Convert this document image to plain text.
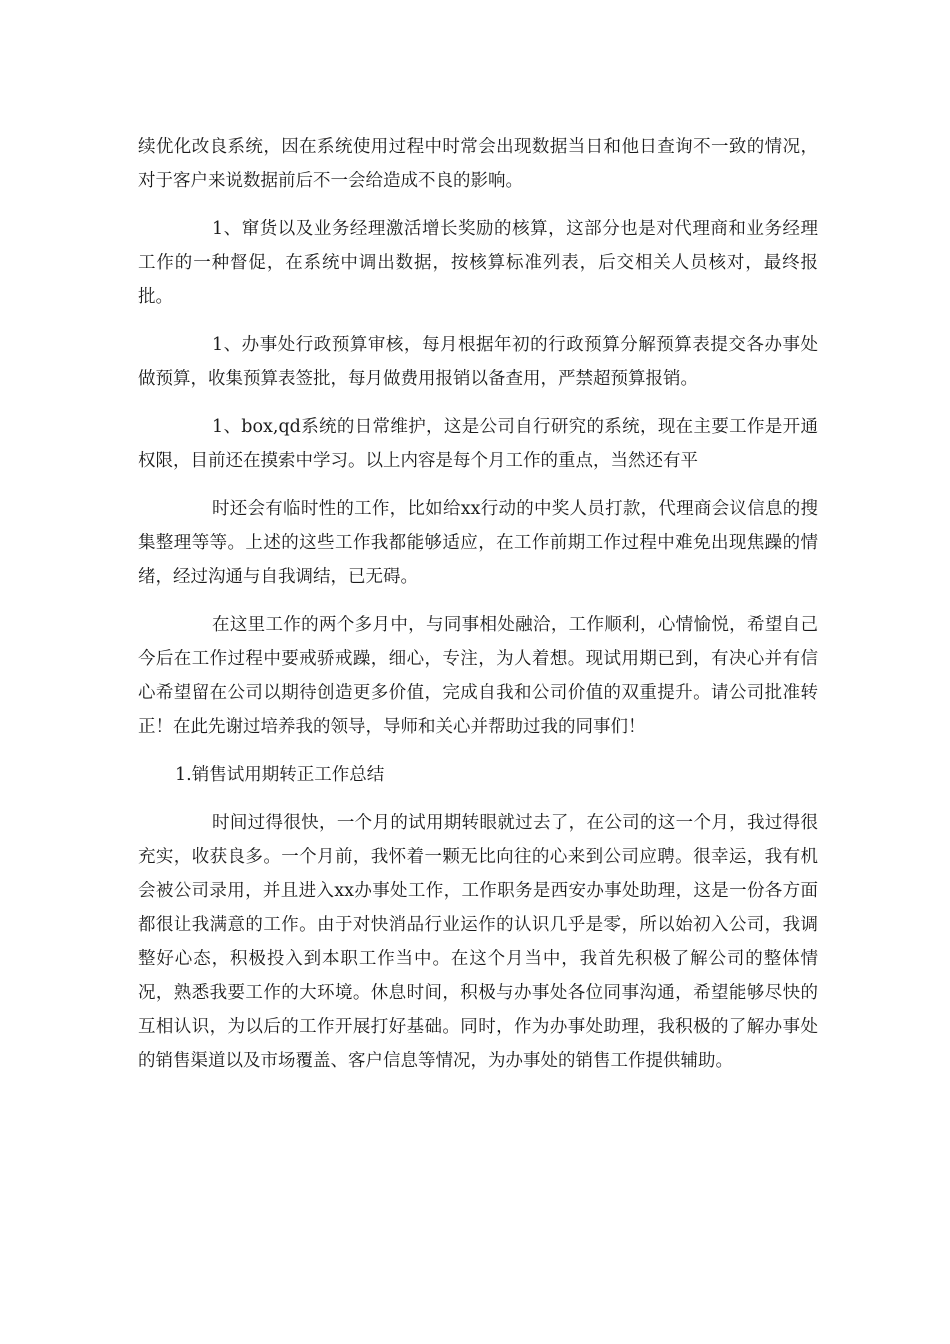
续优化改良系统，因在系统使用过程中时常会出现数据当日和他日查询不一致的情况，对于客户来说数据前后不一会给造成不良的影响。

1、窜货以及业务经理激活增长奖励的核算，这部分也是对代理商和业务经理工作的一种督促，在系统中调出数据，按核算标准列表，后交相关人员核对，最终报批。

1、办事处行政预算审核，每月根据年初的行政预算分解预算表提交各办事处做预算，收集预算表签批，每月做费用报销以备查用，严禁超预算报销。

1、box,qd系统的日常维护，这是公司自行研究的系统，现在主要工作是开通权限，目前还在摸索中学习。以上内容是每个月工作的重点，当然还有平

时还会有临时性的工作，比如给xx行动的中奖人员打款，代理商会议信息的搜集整理等等。上述的这些工作我都能够适应，在工作前期工作过程中难免出现焦躁的情绪，经过沟通与自我调结，已无碍。

在这里工作的两个多月中，与同事相处融洽，工作顺利，心情愉悦，希望自己今后在工作过程中要戒骄戒躁，细心，专注，为人着想。现试用期已到，有决心并有信心希望留在公司以期待创造更多价值，完成自我和公司价值的双重提升。请公司批准转正！在此先谢过培养我的领导，导师和关心并帮助过我的同事们！

1.销售试用期转正工作总结

时间过得很快，一个月的试用期转眼就过去了，在公司的这一个月，我过得很充实，收获良多。一个月前，我怀着一颗无比向往的心来到公司应聘。很幸运，我有机会被公司录用，并且进入xx办事处工作，工作职务是西安办事处助理，这是一份各方面都很让我满意的工作。由于对快消品行业运作的认识几乎是零，所以始初入公司，我调整好心态，积极投入到本职工作当中。在这个月当中，我首先积极了解公司的整体情况，熟悉我要工作的大环境。休息时间，积极与办事处各位同事沟通，希望能够尽快的互相认识，为以后的工作开展打好基础。同时，作为办事处助理，我积极的了解办事处的销售渠道以及市场覆盖、客户信息等情况，为办事处的销售工作提供辅助。
